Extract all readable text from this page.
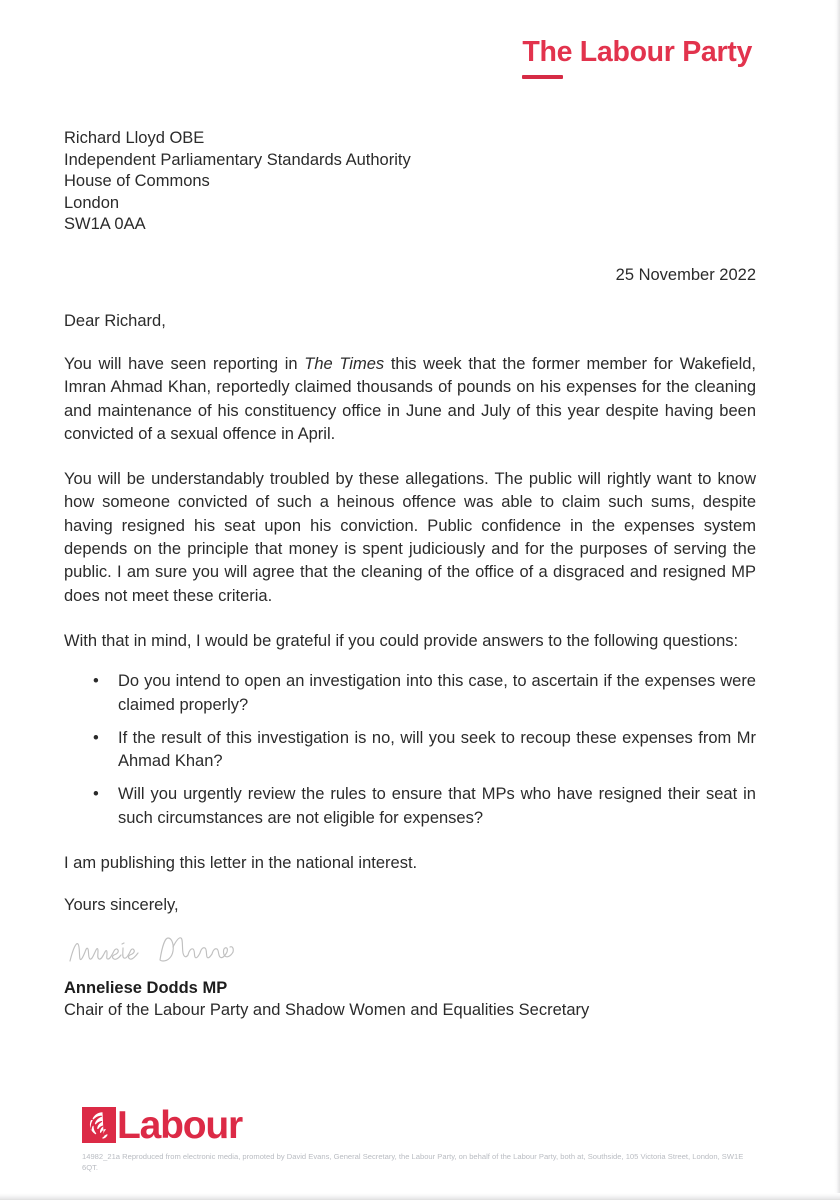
The Labour Party
Richard Lloyd OBE
Independent Parliamentary Standards Authority
House of Commons
London
SW1A 0AA
25 November 2022
Dear Richard,

You will have seen reporting in The Times this week that the former member for Wakefield, Imran Ahmad Khan, reportedly claimed thousands of pounds on his expenses for the cleaning and maintenance of his constituency office in June and July of this year despite having been convicted of a sexual offence in April.

You will be understandably troubled by these allegations. The public will rightly want to know how someone convicted of such a heinous offence was able to claim such sums, despite having resigned his seat upon his conviction. Public confidence in the expenses system depends on the principle that money is spent judiciously and for the purposes of serving the public. I am sure you will agree that the cleaning of the office of a disgraced and resigned MP does not meet these criteria.

With that in mind, I would be grateful if you could provide answers to the following questions:

• Do you intend to open an investigation into this case, to ascertain if the expenses were claimed properly?
• If the result of this investigation is no, will you seek to recoup these expenses from Mr Ahmad Khan?
• Will you urgently review the rules to ensure that MPs who have resigned their seat in such circumstances are not eligible for expenses?
I am publishing this letter in the national interest.
Yours sincerely,
Anneliese Dodds MP
Chair of the Labour Party and Shadow Women and Equalities Secretary
Labour
14982_21a Reproduced from electronic media, promoted by David Evans, General Secretary, the Labour Party, on behalf of the Labour Party, both at, Southside, 105 Victoria Street, London, SW1E 6QT.
